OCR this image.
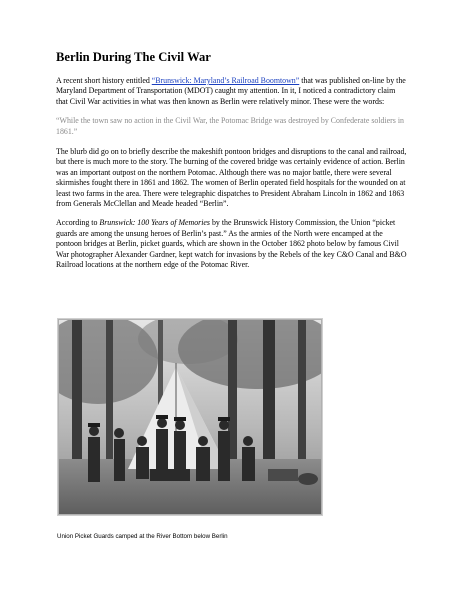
Berlin During The Civil War

A recent short history entitled “Brunswick: Maryland’s Railroad Boomtown” that was published on-line by the Maryland Department of Transportation (MDOT) caught my attention. In it, I noticed a contradictory claim that Civil War activities in what was then known as Berlin were relatively minor. These were the words:

“While the town saw no action in the Civil War, the Potomac Bridge was destroyed by Confederate soldiers in 1861.”

The blurb did go on to briefly describe the makeshift pontoon bridges and disruptions to the canal and railroad, but there is much more to the story. The burning of the covered bridge was certainly evidence of action. Berlin was an important outpost on the northern Potomac. Although there was no major battle, there were several skirmishes fought there in 1861 and 1862. The women of Berlin operated field hospitals for the wounded on at least two farms in the area. There were telegraphic dispatches to President Abraham Lincoln in 1862 and 1863 from Generals McClellan and Meade headed “Berlin”.

According to Brunswick: 100 Years of Memories by the Brunswick History Commission, the Union “picket guards are among the unsung heroes of Berlin’s past.” As the armies of the North were encamped at the pontoon bridges at Berlin, picket guards, which are shown in the October 1862 photo below by famous Civil War photographer Alexander Gardner, kept watch for invasions by the Rebels of the key C&O Canal and B&O Railroad locations at the northern edge of the Potomac River.

Union Picket Guards camped at the River Bottom below Berlin
